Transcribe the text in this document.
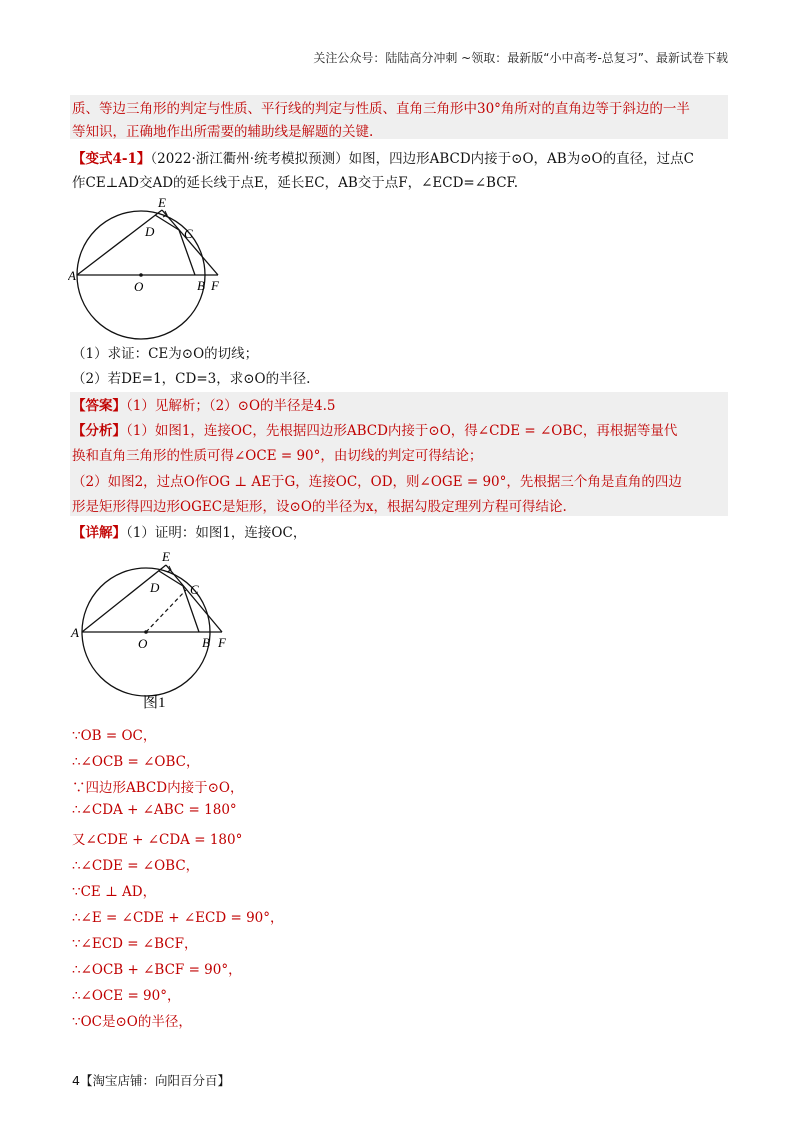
关注公众号：陆陆高分冲刺 ~领取：最新版“小中高考-总复习”、最新试卷下载
质、等边三角形的判定与性质、平行线的判定与性质、直角三角形中30°角所对的直角边等于斜边的一半
等知识，正确地作出所需要的辅助线是解题的关键.
【变式4-1】（2022·浙江衢州·统考模拟预测）如图，四边形ABCD内接于⊙O，AB为⊙O的直径，过点C
作CE⊥AD交AD的延长线于点E，延长EC，AB交于点F，∠ECD=∠BCF.
E
D C
A
O	B F
（1）求证：CE为⊙O的切线；
（2）若DE=1，CD=3，求⊙O的半径.
【答案】（1）见解析；（2）⊙O的半径是4.5
【分析】（1）如图1，连接OC，先根据四边形ABCD内接于⊙O，得∠CDE = ∠OBC，再根据等量代
换和直角三角形的性质可得∠OCE = 90°，由切线的判定可得结论；
（2）如图2，过点O作OG ⊥ AE于G，连接OC，OD，则∠OGE = 90°，先根据三个角是直角的四边
形是矩形得四边形OGEC是矩形，设⊙O的半径为x，根据勾股定理列方程可得结论.
【详解】（1）证明：如图1，连接OC，
E
D C
A
O	B F
图1
∵OB = OC，
∴∠OCB = ∠OBC，
∵四边形ABCD内接于⊙O，
∴∠CDA + ∠ABC = 180°
又∠CDE + ∠CDA = 180°
∴∠CDE = ∠OBC，
∵CE ⊥ AD，
∴∠E = ∠CDE + ∠ECD = 90°，
∵∠ECD = ∠BCF，
∴∠OCB + ∠BCF = 90°，
∴∠OCE = 90°，
∵OC是⊙O的半径，
4【淘宝店铺：向阳百分百】
